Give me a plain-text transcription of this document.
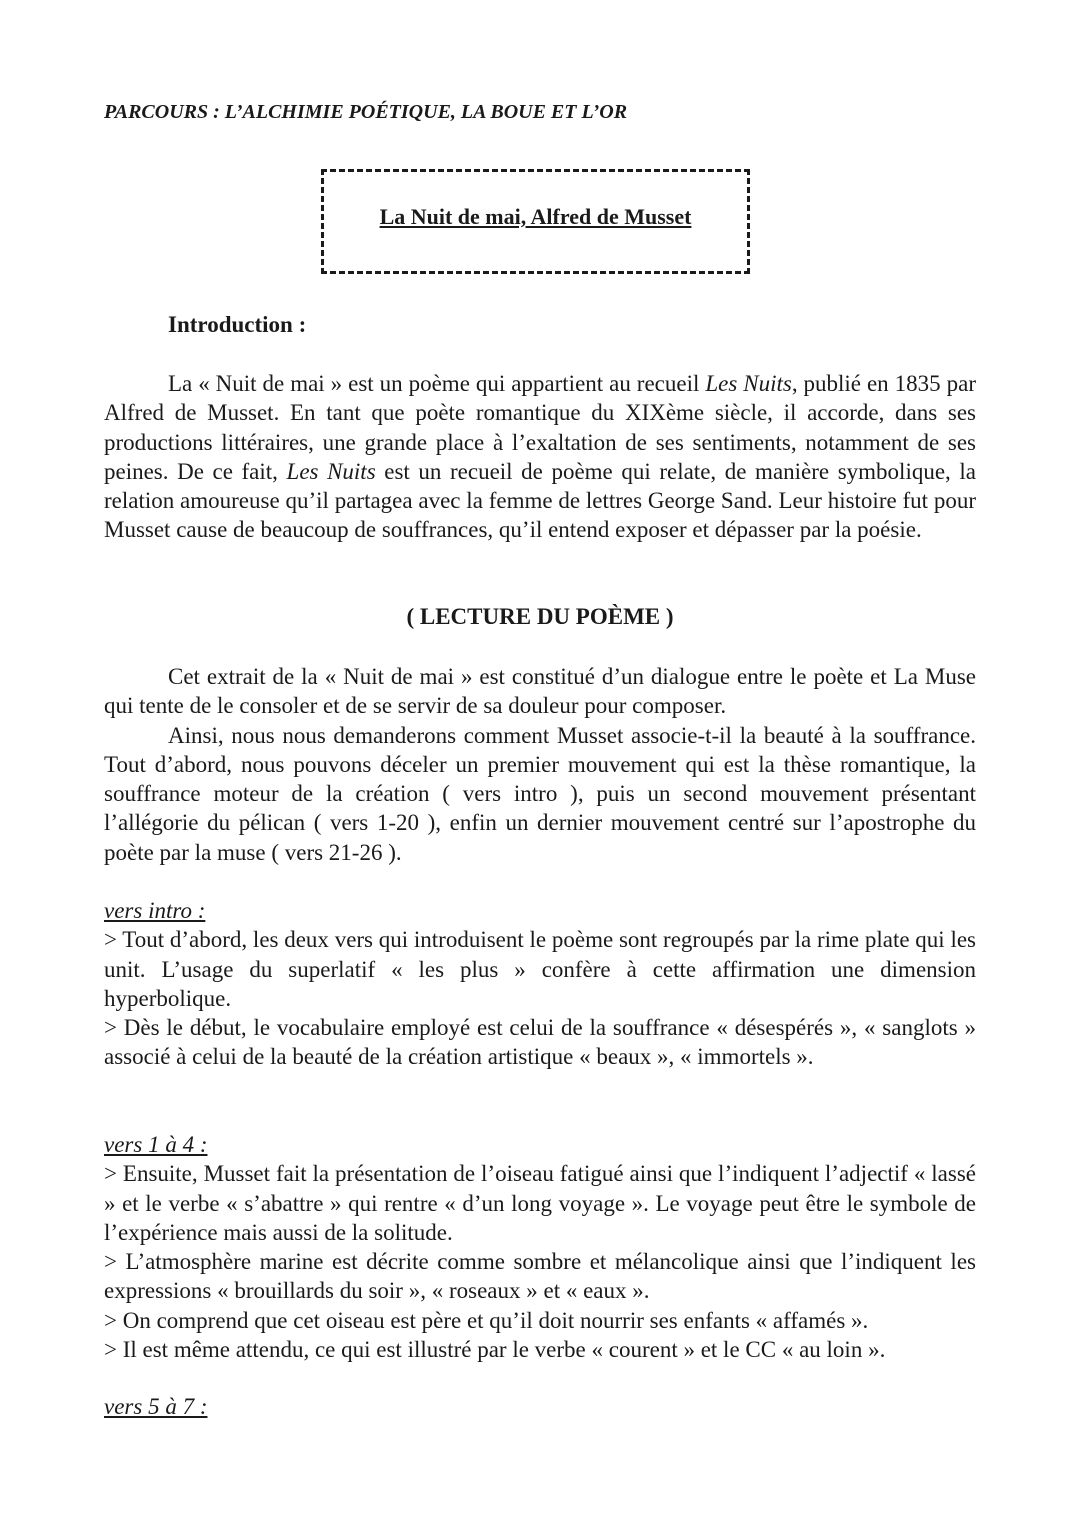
PARCOURS : L’ALCHIMIE POÉTIQUE, LA BOUE ET L’OR
La Nuit de mai, Alfred de Musset
Introduction :

La « Nuit de mai » est un poème qui appartient au recueil Les Nuits, publié en 1835 par Alfred de Musset. En tant que poète romantique du XIXème siècle, il accorde, dans ses productions littéraires, une grande place à l’exaltation de ses sentiments, notamment de ses peines. De ce fait, Les Nuits est un recueil de poème qui relate, de manière symbolique, la relation amoureuse qu’il partagea avec la femme de lettres George Sand. Leur histoire fut pour Musset cause de beaucoup de souffrances, qu’il entend exposer et dépasser par la poésie.

( LECTURE DU POÈME )

Cet extrait de la « Nuit de mai » est constitué d’un dialogue entre le poète et La Muse qui tente de le consoler et de se servir de sa douleur pour composer.

Ainsi, nous nous demanderons comment Musset associe-t-il la beauté à la souffrance. Tout d’abord, nous pouvons déceler un premier mouvement qui est la thèse romantique, la souffrance moteur de la création ( vers intro ), puis un second mouvement présentant l’allégorie du pélican ( vers 1-20 ), enfin un dernier mouvement centré sur l’apostrophe du poète par la muse ( vers 21-26 ).

vers intro :

> Tout d’abord, les deux vers qui introduisent le poème sont regroupés par la rime plate qui les unit. L’usage du superlatif « les plus » confère à cette affirmation une dimension hyperbolique.

> Dès le début, le vocabulaire employé est celui de la souffrance « désespérés », « sanglots » associé à celui de la beauté de la création artistique « beaux », « immortels ».

vers 1 à 4 :

> Ensuite, Musset fait la présentation de l’oiseau fatigué ainsi que l’indiquent l’adjectif « lassé » et le verbe « s’abattre » qui rentre « d’un long voyage ». Le voyage peut être le symbole de l’expérience mais aussi de la solitude.

> L’atmosphère marine est décrite comme sombre et mélancolique ainsi que l’indiquent les expressions « brouillards du soir », « roseaux » et « eaux ».

> On comprend que cet oiseau est père et qu’il doit nourrir ses enfants « affamés ».

> Il est même attendu, ce qui est illustré par le verbe « courent » et le CC « au loin ».

vers 5 à 7 :
